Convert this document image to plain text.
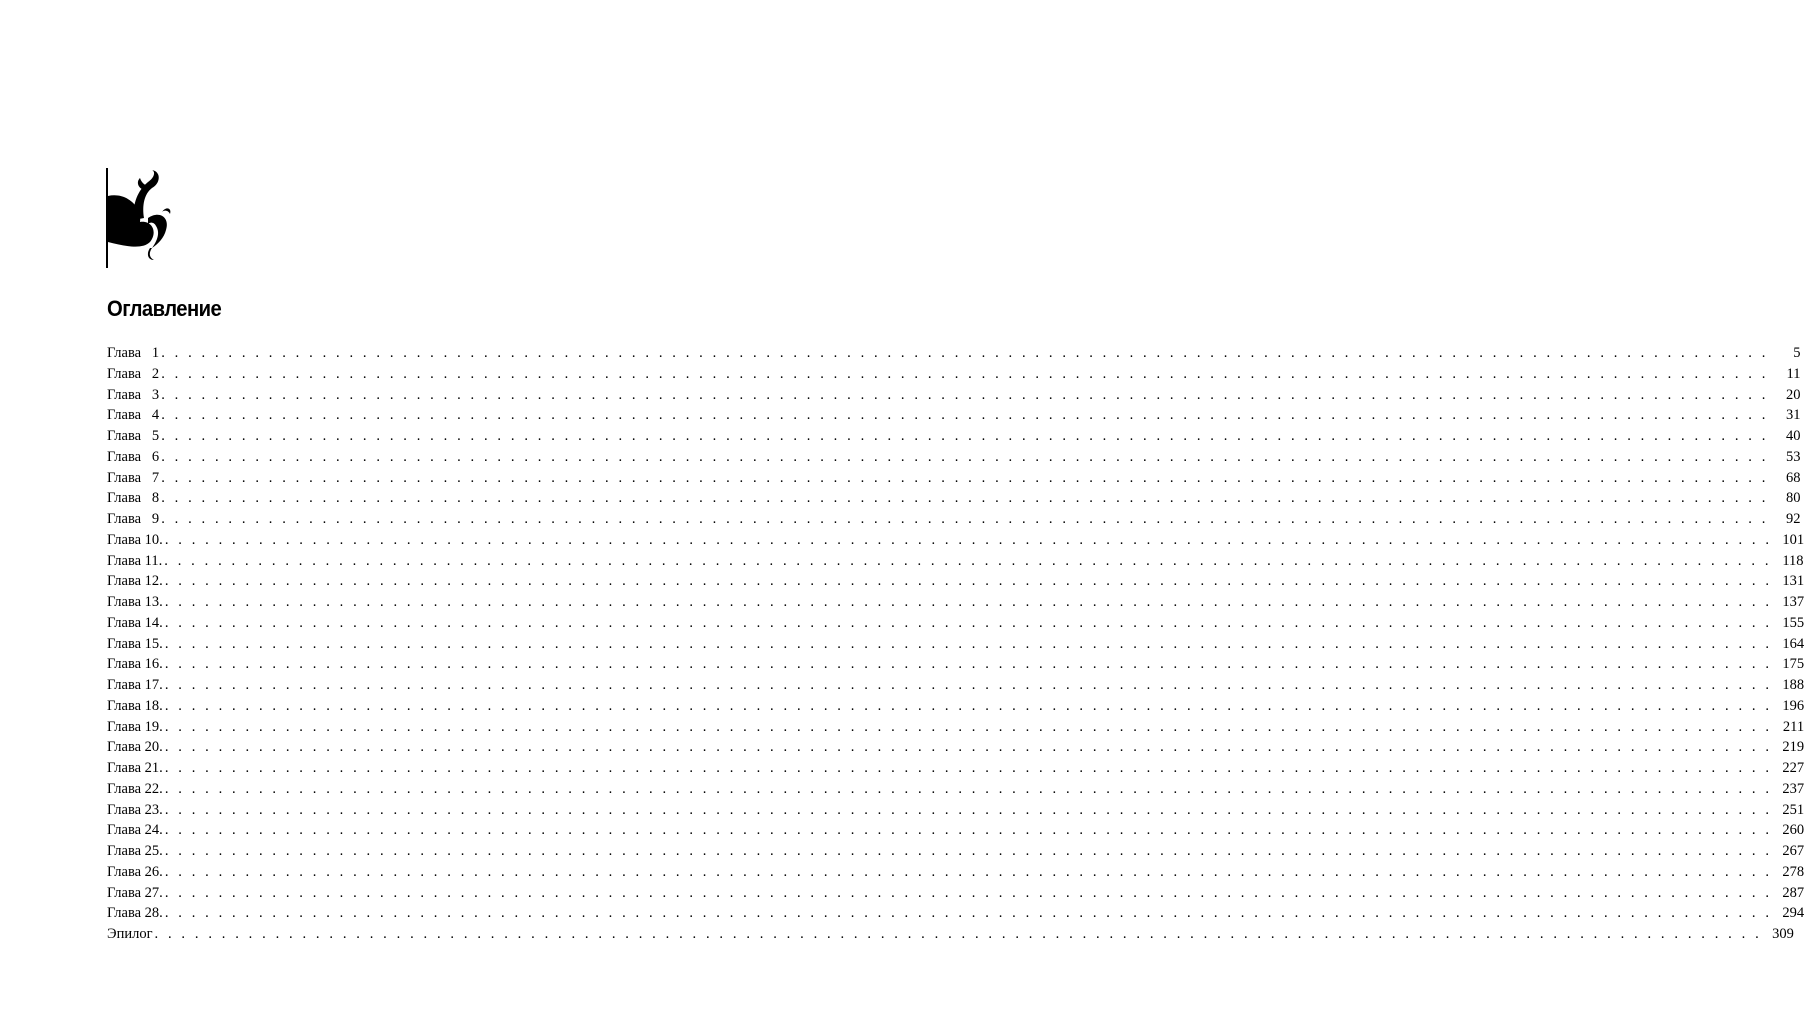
Оглавление
Глава   1 . . . . . . . . . . . . . . . . . . . . . . . . . . . . . . . . . . . . . . . . . . . . . . . . . . . . . . . . . . . . . . . . . . . . . . . . . . . . . . . . . . . . . . . . . . . . . . . . . . . . . . . . . . . . . . . . . . . . . . . .	5
Глава   2 . . . . . . . . . . . . . . . . . . . . . . . . . . . . . . . . . . . . . . . . . . . . . . . . . . . . . . . . . . . . . . . . . . . . . . . . . . . . . . . . . . . . . . . . . . . . . . . . . . . . . . . . . . . . . . . . . . . . . . . .	11
Глава   3 . . . . . . . . . . . . . . . . . . . . . . . . . . . . . . . . . . . . . . . . . . . . . . . . . . . . . . . . . . . . . . . . . . . . . . . . . . . . . . . . . . . . . . . . . . . . . . . . . . . . . . . . . . . . . . . . . . . . . . . .	20
Глава   4 . . . . . . . . . . . . . . . . . . . . . . . . . . . . . . . . . . . . . . . . . . . . . . . . . . . . . . . . . . . . . . . . . . . . . . . . . . . . . . . . . . . . . . . . . . . . . . . . . . . . . . . . . . . . . . . . . . . . . . . .	31
Глава   5 . . . . . . . . . . . . . . . . . . . . . . . . . . . . . . . . . . . . . . . . . . . . . . . . . . . . . . . . . . . . . . . . . . . . . . . . . . . . . . . . . . . . . . . . . . . . . . . . . . . . . . . . . . . . . . . . . . . . . . . .	40
Глава   6 . . . . . . . . . . . . . . . . . . . . . . . . . . . . . . . . . . . . . . . . . . . . . . . . . . . . . . . . . . . . . . . . . . . . . . . . . . . . . . . . . . . . . . . . . . . . . . . . . . . . . . . . . . . . . . . . . . . . . . . .	53
Глава   7 . . . . . . . . . . . . . . . . . . . . . . . . . . . . . . . . . . . . . . . . . . . . . . . . . . . . . . . . . . . . . . . . . . . . . . . . . . . . . . . . . . . . . . . . . . . . . . . . . . . . . . . . . . . . . . . . . . . . . . . .	68
Глава   8 . . . . . . . . . . . . . . . . . . . . . . . . . . . . . . . . . . . . . . . . . . . . . . . . . . . . . . . . . . . . . . . . . . . . . . . . . . . . . . . . . . . . . . . . . . . . . . . . . . . . . . . . . . . . . . . . . . . . . . . .	80
Глава   9 . . . . . . . . . . . . . . . . . . . . . . . . . . . . . . . . . . . . . . . . . . . . . . . . . . . . . . . . . . . . . . . . . . . . . . . . . . . . . . . . . . . . . . . . . . . . . . . . . . . . . . . . . . . . . . . . . . . . . . . .	92
Глава 10. . . . . . . . . . . . . . . . . . . . . . . . . . . . . . . . . . . . . . . . . . . . . . . . . . . . . . . . . . . . . . . . . . . . . . . . . . . . . . . . . . . . . . . . . . . . . . . . . . . . . . . . . . . . . . . . . . . . . . . . . 101
Глава 11. . . . . . . . . . . . . . . . . . . . . . . . . . . . . . . . . . . . . . . . . . . . . . . . . . . . . . . . . . . . . . . . . . . . . . . . . . . . . . . . . . . . . . . . . . . . . . . . . . . . . . . . . . . . . . . . . . . . . . . . . 118
Глава 12. . . . . . . . . . . . . . . . . . . . . . . . . . . . . . . . . . . . . . . . . . . . . . . . . . . . . . . . . . . . . . . . . . . . . . . . . . . . . . . . . . . . . . . . . . . . . . . . . . . . . . . . . . . . . . . . . . . . . . . . . 131
Глава 13. . . . . . . . . . . . . . . . . . . . . . . . . . . . . . . . . . . . . . . . . . . . . . . . . . . . . . . . . . . . . . . . . . . . . . . . . . . . . . . . . . . . . . . . . . . . . . . . . . . . . . . . . . . . . . . . . . . . . . . . . 137
Глава 14. . . . . . . . . . . . . . . . . . . . . . . . . . . . . . . . . . . . . . . . . . . . . . . . . . . . . . . . . . . . . . . . . . . . . . . . . . . . . . . . . . . . . . . . . . . . . . . . . . . . . . . . . . . . . . . . . . . . . . . . . 155
Глава 15. . . . . . . . . . . . . . . . . . . . . . . . . . . . . . . . . . . . . . . . . . . . . . . . . . . . . . . . . . . . . . . . . . . . . . . . . . . . . . . . . . . . . . . . . . . . . . . . . . . . . . . . . . . . . . . . . . . . . . . . . 164
Глава 16. . . . . . . . . . . . . . . . . . . . . . . . . . . . . . . . . . . . . . . . . . . . . . . . . . . . . . . . . . . . . . . . . . . . . . . . . . . . . . . . . . . . . . . . . . . . . . . . . . . . . . . . . . . . . . . . . . . . . . . . . 175
Глава 17. . . . . . . . . . . . . . . . . . . . . . . . . . . . . . . . . . . . . . . . . . . . . . . . . . . . . . . . . . . . . . . . . . . . . . . . . . . . . . . . . . . . . . . . . . . . . . . . . . . . . . . . . . . . . . . . . . . . . . . . . 188
Глава 18. . . . . . . . . . . . . . . . . . . . . . . . . . . . . . . . . . . . . . . . . . . . . . . . . . . . . . . . . . . . . . . . . . . . . . . . . . . . . . . . . . . . . . . . . . . . . . . . . . . . . . . . . . . . . . . . . . . . . . . . . 196
Глава 19. . . . . . . . . . . . . . . . . . . . . . . . . . . . . . . . . . . . . . . . . . . . . . . . . . . . . . . . . . . . . . . . . . . . . . . . . . . . . . . . . . . . . . . . . . . . . . . . . . . . . . . . . . . . . . . . . . . . . . . . . 211
Глава 20. . . . . . . . . . . . . . . . . . . . . . . . . . . . . . . . . . . . . . . . . . . . . . . . . . . . . . . . . . . . . . . . . . . . . . . . . . . . . . . . . . . . . . . . . . . . . . . . . . . . . . . . . . . . . . . . . . . . . . . . . 219
Глава 21. . . . . . . . . . . . . . . . . . . . . . . . . . . . . . . . . . . . . . . . . . . . . . . . . . . . . . . . . . . . . . . . . . . . . . . . . . . . . . . . . . . . . . . . . . . . . . . . . . . . . . . . . . . . . . . . . . . . . . . . . 227
Глава 22. . . . . . . . . . . . . . . . . . . . . . . . . . . . . . . . . . . . . . . . . . . . . . . . . . . . . . . . . . . . . . . . . . . . . . . . . . . . . . . . . . . . . . . . . . . . . . . . . . . . . . . . . . . . . . . . . . . . . . . . . 237
Глава 23. . . . . . . . . . . . . . . . . . . . . . . . . . . . . . . . . . . . . . . . . . . . . . . . . . . . . . . . . . . . . . . . . . . . . . . . . . . . . . . . . . . . . . . . . . . . . . . . . . . . . . . . . . . . . . . . . . . . . . . . . 251
Глава 24. . . . . . . . . . . . . . . . . . . . . . . . . . . . . . . . . . . . . . . . . . . . . . . . . . . . . . . . . . . . . . . . . . . . . . . . . . . . . . . . . . . . . . . . . . . . . . . . . . . . . . . . . . . . . . . . . . . . . . . . . 260
Глава 25. . . . . . . . . . . . . . . . . . . . . . . . . . . . . . . . . . . . . . . . . . . . . . . . . . . . . . . . . . . . . . . . . . . . . . . . . . . . . . . . . . . . . . . . . . . . . . . . . . . . . . . . . . . . . . . . . . . . . . . . . 267
Глава 26. . . . . . . . . . . . . . . . . . . . . . . . . . . . . . . . . . . . . . . . . . . . . . . . . . . . . . . . . . . . . . . . . . . . . . . . . . . . . . . . . . . . . . . . . . . . . . . . . . . . . . . . . . . . . . . . . . . . . . . . . 278
Глава 27. . . . . . . . . . . . . . . . . . . . . . . . . . . . . . . . . . . . . . . . . . . . . . . . . . . . . . . . . . . . . . . . . . . . . . . . . . . . . . . . . . . . . . . . . . . . . . . . . . . . . . . . . . . . . . . . . . . . . . . . . 287
Глава 28. . . . . . . . . . . . . . . . . . . . . . . . . . . . . . . . . . . . . . . . . . . . . . . . . . . . . . . . . . . . . . . . . . . . . . . . . . . . . . . . . . . . . . . . . . . . . . . . . . . . . . . . . . . . . . . . . . . . . . . . . 294
Эпилог . . . . . . . . . . . . . . . . . . . . . . . . . . . . . . . . . . . . . . . . . . . . . . . . . . . . . . . . . . . . . . . . . . . . . . . . . . . . . . . . . . . . . . . . . . . . . . . . . . . . . . . . . . . . . . . . . . . . . . . . 309
